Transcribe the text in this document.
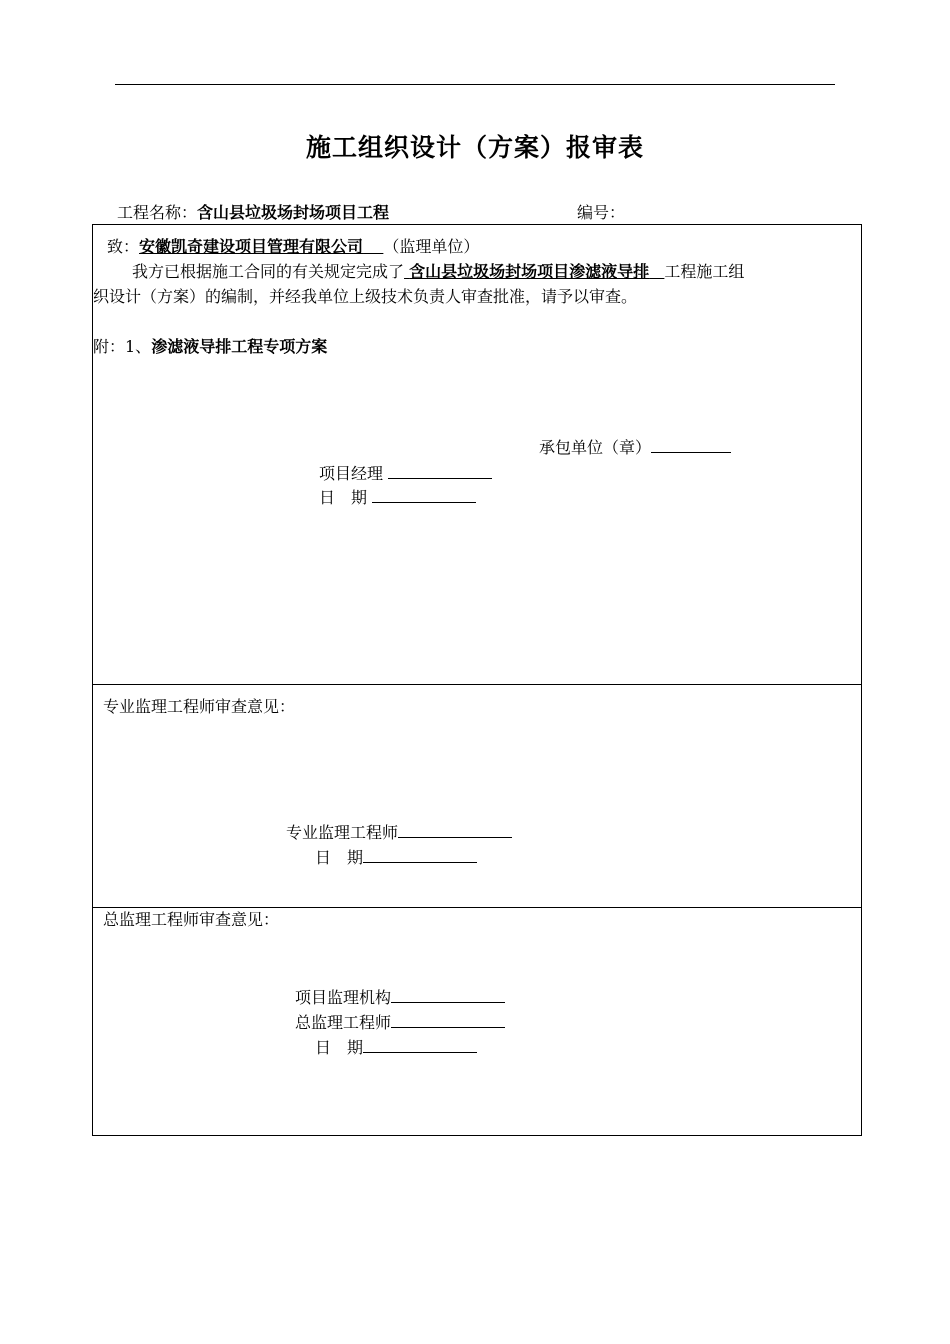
施工组织设计（方案）报审表
工程名称：含山县垃圾场封场项目工程	编号：
致：安徽凯奇建设项目管理有限公司 （监理单位）
我方已根据施工合同的有关规定完成了 含山县垃圾场封场项目渗滤液导排 工程施工组
织设计（方案）的编制，并经我单位上级技术负责人审查批准，请予以审查。
附：1、渗滤液导排工程专项方案
承包单位（章）
项目经理
日　期
专业监理工程师审查意见：
专业监理工程师
日　期
总监理工程师审查意见：
项目监理机构
总监理工程师
日　期
